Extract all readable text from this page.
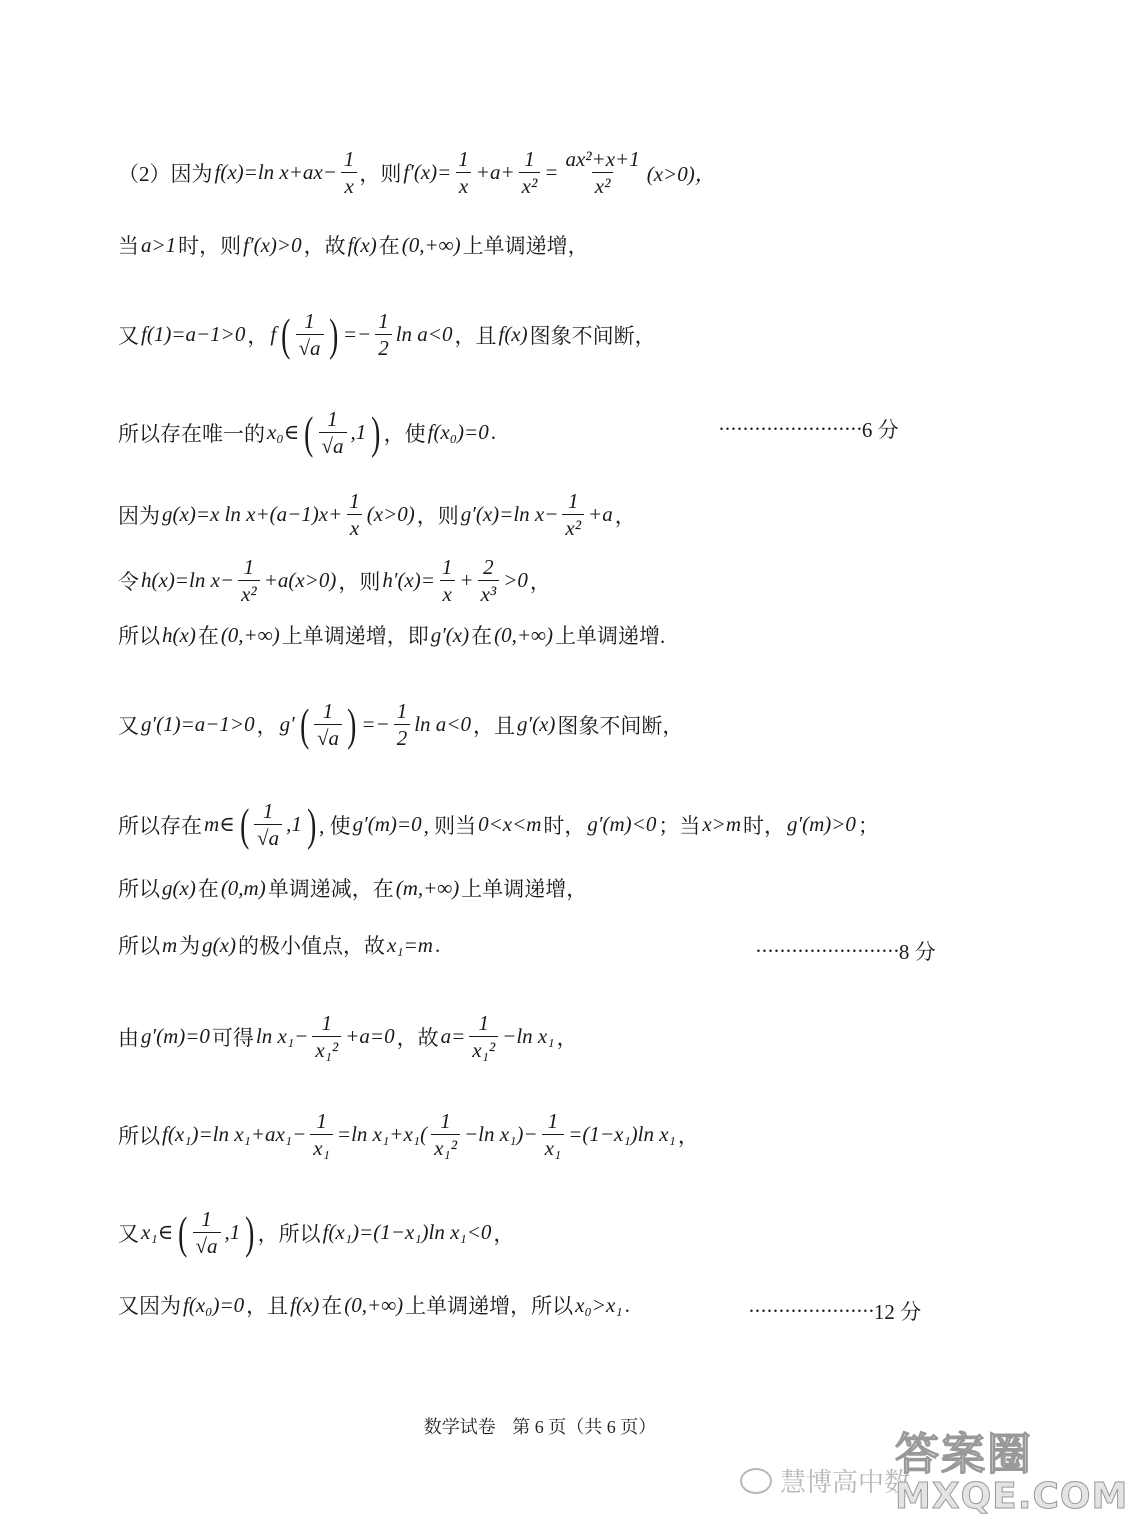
（2）因为 f(x)=ln $x+ax- \frac{1}{x}$ ，则 $f'(x)= \frac{1}{x} +a+ \frac{1}{\text{x²}} = \frac{\text{ax²+x+1}}{\text{x²}} (x>0)$，
当 a>1 时，则 f′(x)>0 ，故 f(x) 在 (0,+∞) 上单调递增，
又 f(1)=a−1>0 ， f ( $\frac{1}{√a}$ ) =− $\frac{1}{2}$ ln a<0 ，且 f(x) 图象不间断，
所以存在唯一的 x₀∈ ( $\frac{1}{√a} ,1$ ) ，使 f(x₀)=0 .
因为 g(x)=x $\ln x+(a-1)x+ \frac{1}{x} (x>0)$ ，则 g′(x)=ln $x- \frac{1}{\text{x²}} +a$ ，
令 h(x)=ln $x- \frac{1}{\text{x²}} +a(x>0)$ ，则 $h'(x)= \frac{1}{x} + \frac{2}{\text{x³}} >0$ ，
所以 h(x) 在 (0,+∞) 上单调递增，即 g′(x) 在 (0,+∞) 上单调递增.
又 g′(1)=a−1>0 ， g′ ( $\frac{1}{√a}$ ) =− $\frac{1}{2}$ ln a<0 ，且 g′(x) 图象不间断，
所以存在 m∈ ( $\frac{1}{√a} ,1$ ) , 使 g′(m)=0 , 则当 0<x<m 时， g′(m)<0 ；当 x>m 时， g′(m)>0 ；
所以 g(x) 在 (0,m) 单调递减，在 (m,+∞) 上单调递增，
所以 m 为 g(x) 的极小值点，故 x₁=m .
由 g′(m)=0 可得 $\ln x_1- \frac{1}{\text{x₁²}} +a=0$ ，故 $a= \frac{1}{\text{x₁²}} -\ln$ x₁ ，
所以 f(x₁)=ln $x_1+ax_1- \frac{1}{\text{x₁}} =\ln$ $x_1+x_1( \frac{1}{\text{x₁²}} -\ln$ $x_1)- \frac{1}{\text{x₁}} =(1-x_1)\ln$ x₁ ，
又 x₁∈ ( $\frac{1}{√a} ,1$ ) ，所以 f(x₁)=(1−x₁)ln x₁<0 ，
又因为 f(x₀)=0 ，且 f(x) 在 (0,+∞) 上单调递增，所以 x₀>x₁ .
························ 6 分
························ 8 分
····················· 12 分
数学试卷 第 6 页（共 6 页）
慧博高中数
答案圈
MXQE.COM
